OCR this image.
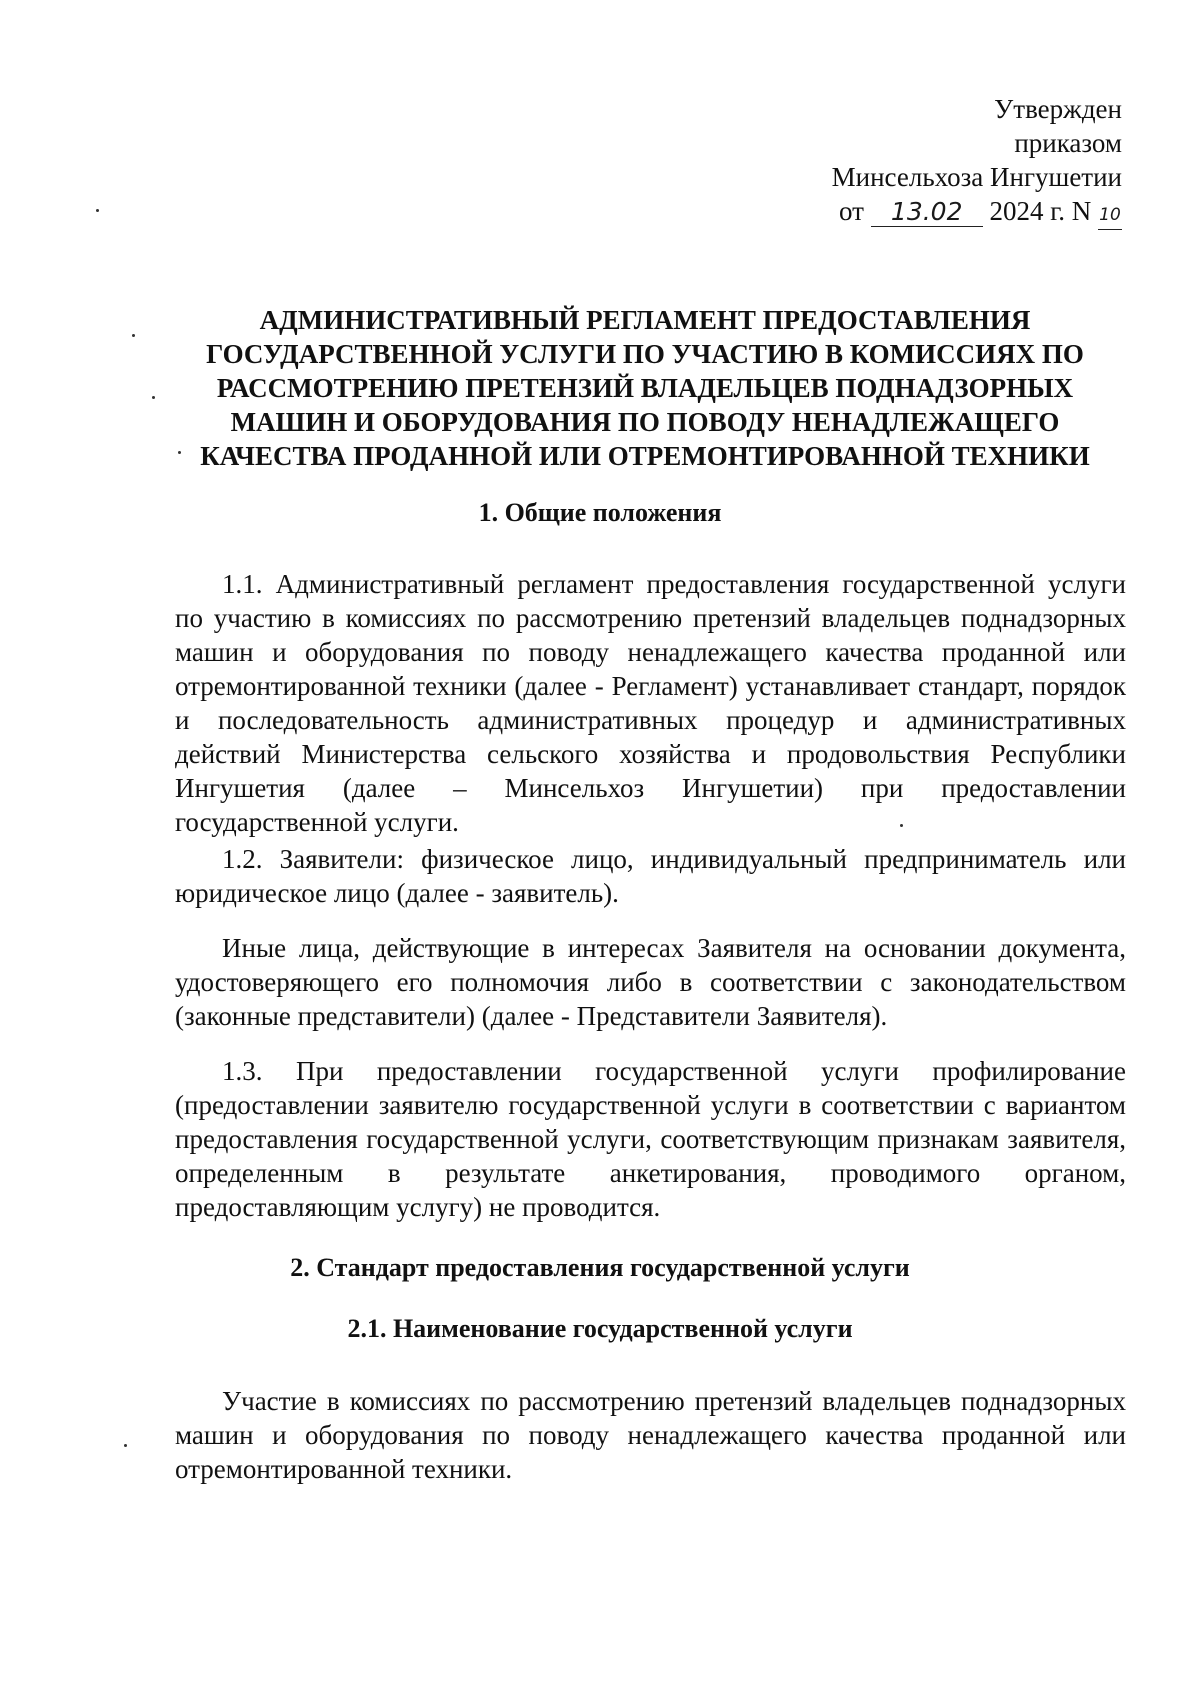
Утвержден
приказом
Минсельхоза Ингушетии
от 13.02 2024 г. N 10
АДМИНИСТРАТИВНЫЙ РЕГЛАМЕНТ ПРЕДОСТАВЛЕНИЯ ГОСУДАРСТВЕННОЙ УСЛУГИ ПО УЧАСТИЮ В КОМИССИЯХ ПО РАССМОТРЕНИЮ ПРЕТЕНЗИЙ ВЛАДЕЛЬЦЕВ ПОДНАДЗОРНЫХ МАШИН И ОБОРУДОВАНИЯ ПО ПОВОДУ НЕНАДЛЕЖАЩЕГО КАЧЕСТВА ПРОДАННОЙ ИЛИ ОТРЕМОНТИРОВАННОЙ ТЕХНИКИ
1. Общие положения

1.1. Административный регламент предоставления государственной услуги по участию в комиссиях по рассмотрению претензий владельцев поднадзорных машин и оборудования по поводу ненадлежащего качества проданной или отремонтированной техники (далее - Регламент) устанавливает стандарт, порядок и последовательность административных процедур и административных действий Министерства сельского хозяйства и продовольствия Республики Ингушетия (далее – Минсельхоз Ингушетии) при предоставлении государственной услуги.

1.2. Заявители: физическое лицо, индивидуальный предприниматель или юридическое лицо (далее - заявитель).

Иные лица, действующие в интересах Заявителя на основании документа, удостоверяющего его полномочия либо в соответствии с законодательством (законные представители) (далее - Представители Заявителя).

1.3. При предоставлении государственной услуги профилирование (предоставлении заявителю государственной услуги в соответствии с вариантом предоставления государственной услуги, соответствующим признакам заявителя, определенным в результате анкетирования, проводимого органом, предоставляющим услугу) не проводится.

2. Стандарт предоставления государственной услуги
2.1. Наименование государственной услуги

Участие в комиссиях по рассмотрению претензий владельцев поднадзорных машин и оборудования по поводу ненадлежащего качества проданной или отремонтированной техники.
